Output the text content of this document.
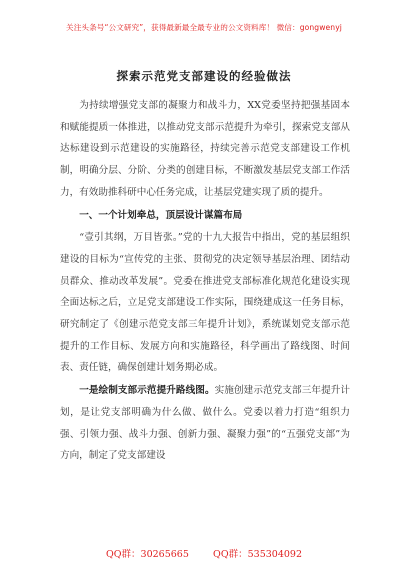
关注头条号“公文研究”，获得最新最全最专业的公文资料库！ 微信：gongwenyj
探索示范党支部建设的经验做法

为持续增强党支部的凝聚力和战斗力，XX党委坚持把强基固本和赋能提质一体推进，以推动党支部示范提升为牵引，探索党支部从达标建设到示范建设的实施路径，持续完善示范党支部建设工作机制，明确分层、分阶、分类的创建目标，不断激发基层党支部工作活力，有效助推科研中心任务完成，让基层党建实现了质的提升。

一、一个计划牵总，顶层设计谋篇布局

“壹引其纲，万目皆张。”党的十九大报告中指出，党的基层组织建设的目标为“宣传党的主张、贯彻党的决定领导基层治理、团结动员群众、推动改革发展”。党委在推进党支部标准化规范化建设实现全面达标之后，立足党支部建设工作实际，围绕建成这一任务目标，研究制定了《创建示范党支部三年提升计划》，系统谋划党支部示范提升的工作目标、发展方向和实施路径，科学画出了路线图、时间表、责任链，确保创建计划务期必成。

一是绘制支部示范提升路线图。实施创建示范党支部三年提升计划，是让党支部明确为什么做、做什么。党委以着力打造“组织力强、引领力强、战斗力强、创新力强、凝聚力强”的“五强党支部”为方向，制定了党支部建设

QQ群：30265665        QQ群：535304092
